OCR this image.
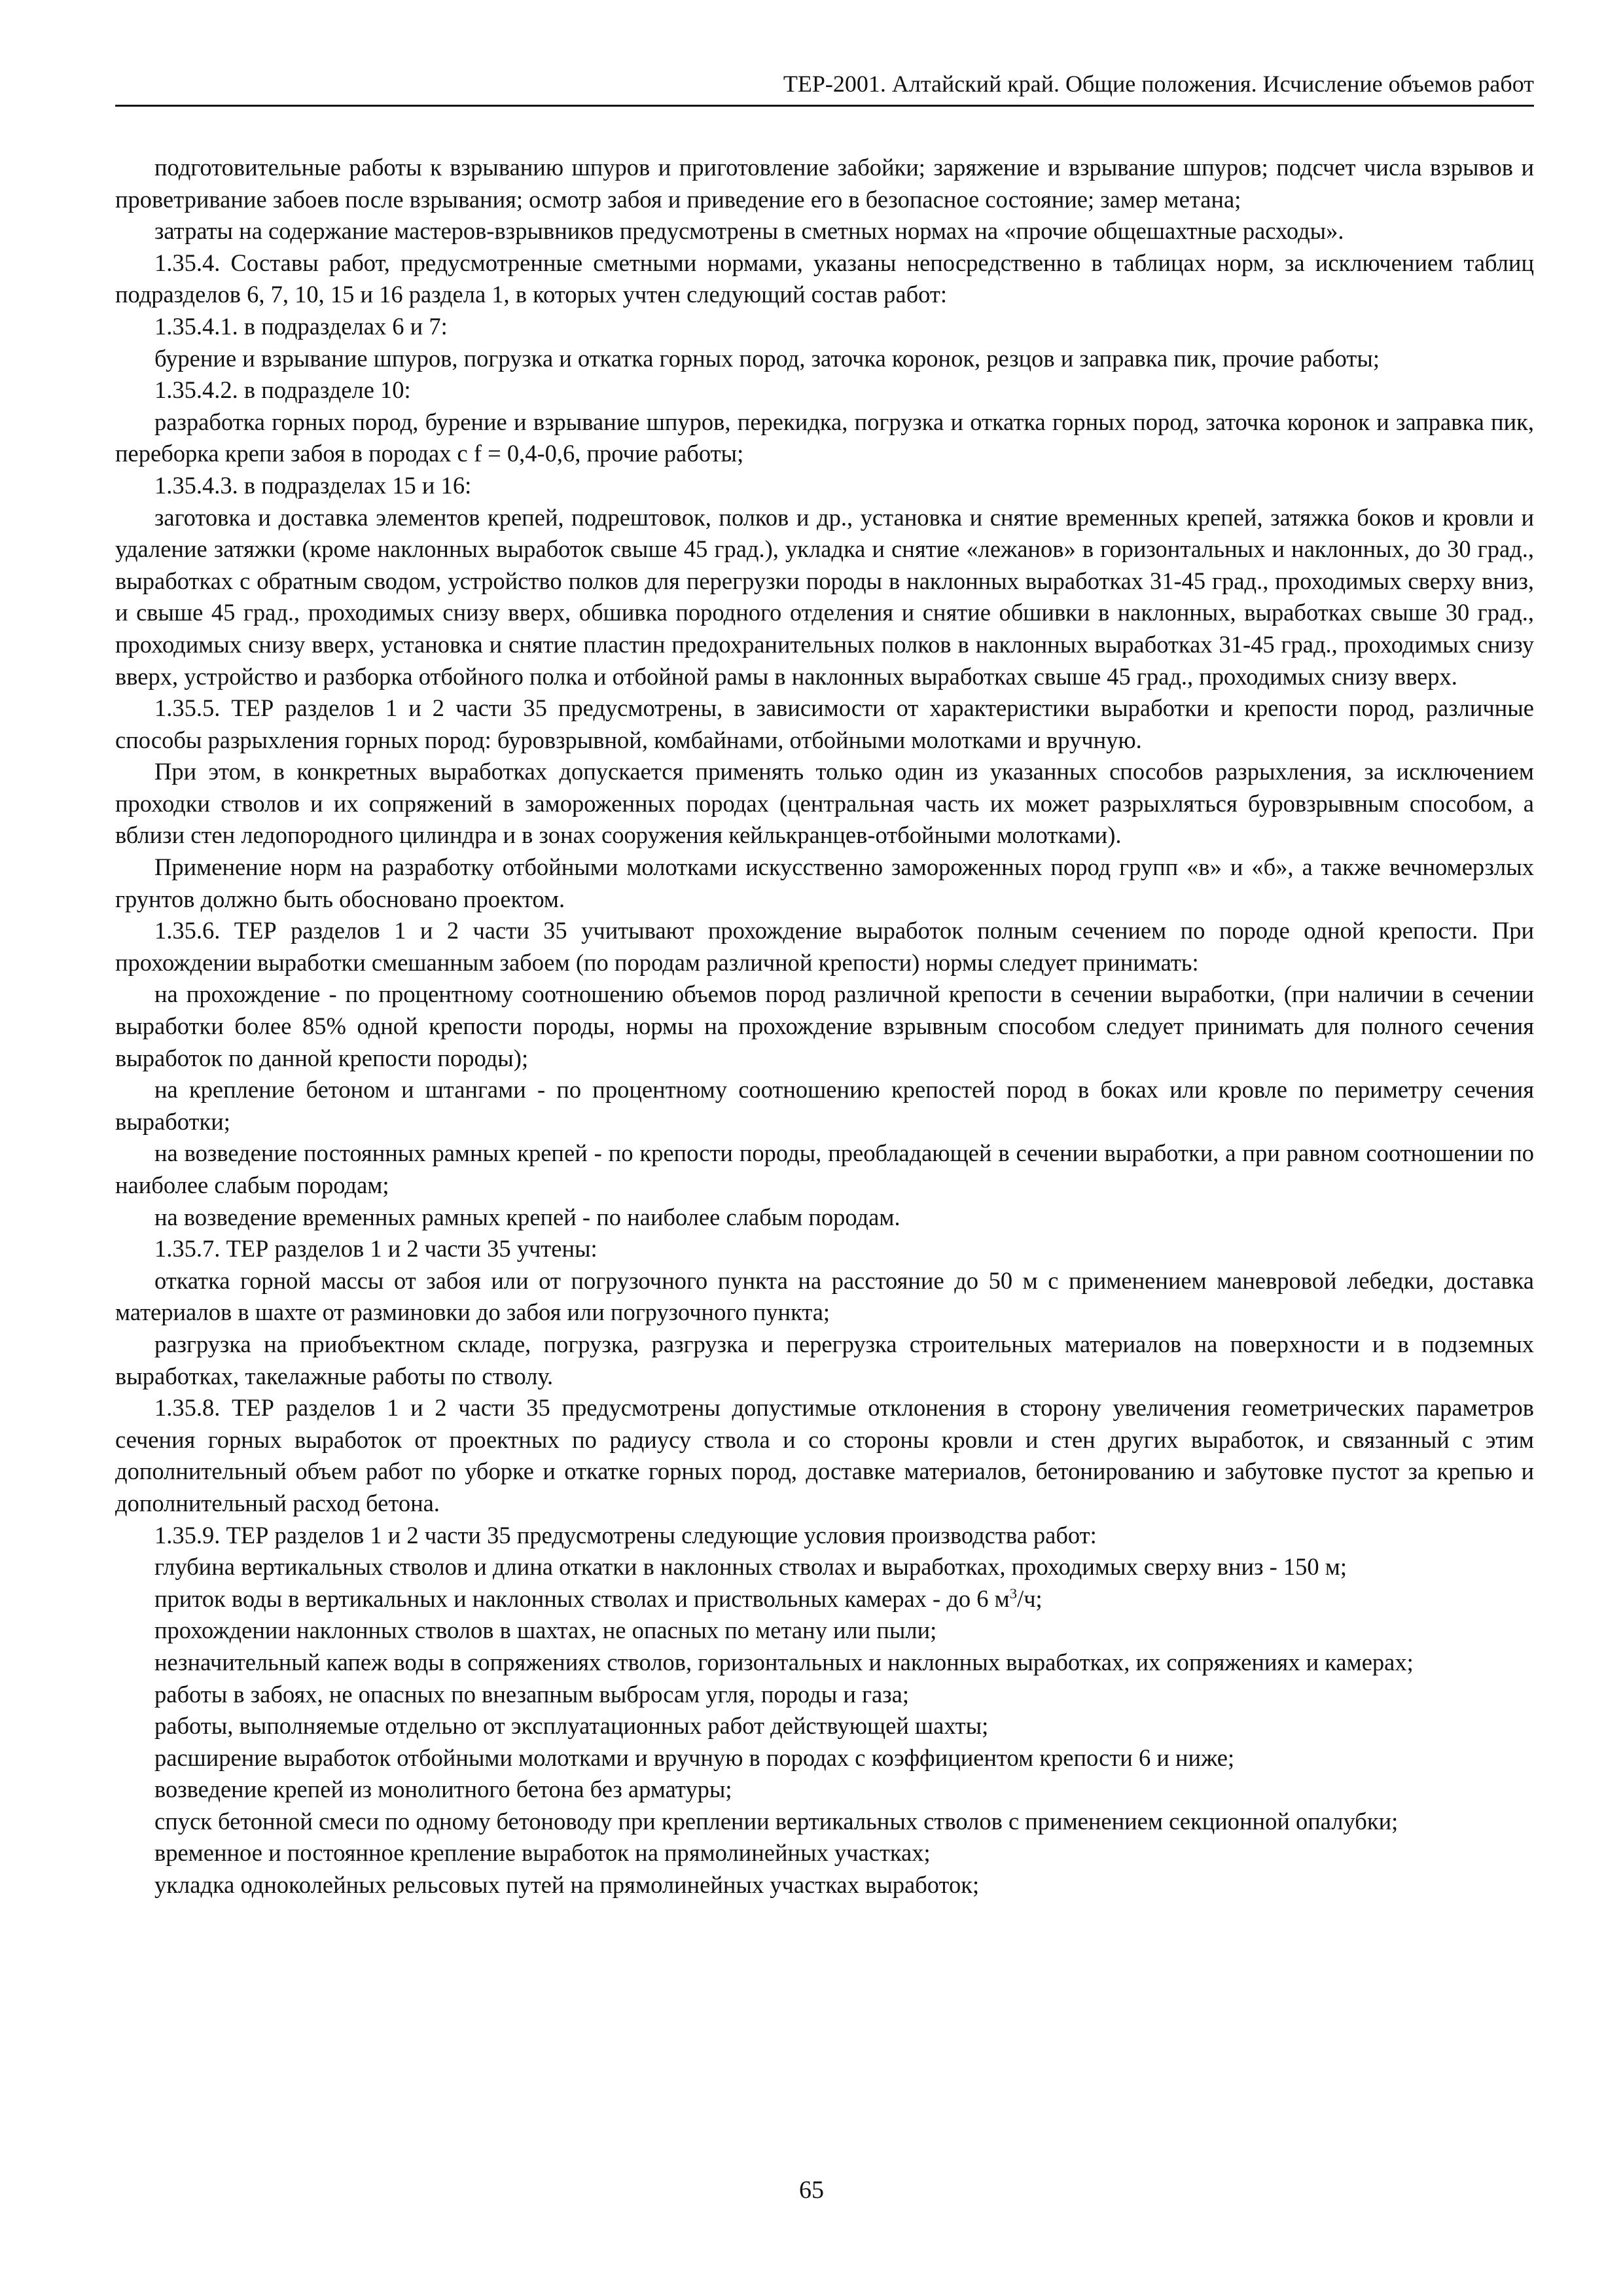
ТЕР-2001. Алтайский край. Общие положения. Исчисление объемов работ

подготовительные работы к взрыванию шпуров и приготовление забойки; заряжение и взрывание шпуров; подсчет числа взрывов и проветривание забоев после взрывания; осмотр забоя и приведение его в безопасное состояние; замер метана;

затраты на содержание мастеров-взрывников предусмотрены в сметных нормах на «прочие общешахтные расходы».

1.35.4. Составы работ, предусмотренные сметными нормами, указаны непосредственно в таблицах норм, за исключением таблиц подразделов 6, 7, 10, 15 и 16 раздела 1, в которых учтен следующий состав работ:

1.35.4.1. в подразделах 6 и 7:

бурение и взрывание шпуров, погрузка и откатка горных пород, заточка коронок, резцов и заправка пик, прочие работы;

1.35.4.2. в подразделе 10:

разработка горных пород, бурение и взрывание шпуров, перекидка, погрузка и откатка горных пород, заточка коронок и заправка пик, переборка крепи забоя в породах с f = 0,4-0,6, прочие работы;

1.35.4.3. в подразделах 15 и 16:

заготовка и доставка элементов крепей, подрештовок, полков и др., установка и снятие временных крепей, затяжка боков и кровли и удаление затяжки (кроме наклонных выработок свыше 45 град.), укладка и снятие «лежанов» в горизонтальных и наклонных, до 30 град., выработках с обратным сводом, устройство полков для перегрузки породы в наклонных выработках 31-45 град., проходимых сверху вниз, и свыше 45 град., проходимых снизу вверх, обшивка породного отделения и снятие обшивки в наклонных, выработках свыше 30 град., проходимых снизу вверх, установка и снятие пластин предохранительных полков в наклонных выработках 31-45 град., проходимых снизу вверх, устройство и разборка отбойного полка и отбойной рамы в наклонных выработках свыше 45 град., проходимых снизу вверх.

1.35.5. ТЕР разделов 1 и 2 части 35 предусмотрены, в зависимости от характеристики выработки и крепости пород, различные способы разрыхления горных пород: буровзрывной, комбайнами, отбойными молотками и вручную.

При этом, в конкретных выработках допускается применять только один из указанных способов разрыхления, за исключением проходки стволов и их сопряжений в замороженных породах (центральная часть их может разрыхляться буровзрывным способом, а вблизи стен ледопородного цилиндра и в зонах сооружения кейлькранцев-отбойными молотками).

Применение норм на разработку отбойными молотками искусственно замороженных пород групп «в» и «б», а также вечномерзлых грунтов должно быть обосновано проектом.

1.35.6. ТЕР разделов 1 и 2 части 35 учитывают прохождение выработок полным сечением по породе одной крепости. При прохождении выработки смешанным забоем (по породам различной крепости) нормы следует принимать:

на прохождение - по процентному соотношению объемов пород различной крепости в сечении выработки, (при наличии в сечении выработки более 85% одной крепости породы, нормы на прохождение взрывным способом следует принимать для полного сечения выработок по данной крепости породы);

на крепление бетоном и штангами - по процентному соотношению крепостей пород в боках или кровле по периметру сечения выработки;

на возведение постоянных рамных крепей - по крепости породы, преобладающей в сечении выработки, а при равном соотношении по наиболее слабым породам;

на возведение временных рамных крепей - по наиболее слабым породам.

1.35.7. ТЕР разделов 1 и 2 части 35 учтены:

откатка горной массы от забоя или от погрузочного пункта на расстояние до 50 м с применением маневровой лебедки, доставка материалов в шахте от разминовки до забоя или погрузочного пункта;

разгрузка на приобъектном складе, погрузка, разгрузка и перегрузка строительных материалов на поверхности и в подземных выработках, такелажные работы по стволу.

1.35.8. ТЕР разделов 1 и 2 части 35 предусмотрены допустимые отклонения в сторону увеличения геометрических параметров сечения горных выработок от проектных по радиусу ствола и со стороны кровли и стен других выработок, и связанный с этим дополнительный объем работ по уборке и откатке горных пород, доставке материалов, бетонированию и забутовке пустот за крепью и дополнительный расход бетона.

1.35.9. ТЕР разделов 1 и 2 части 35 предусмотрены следующие условия производства работ:

глубина вертикальных стволов и длина откатки в наклонных стволах и выработках, проходимых сверху вниз - 150 м;

приток воды в вертикальных и наклонных стволах и приствольных камерах - до 6 $м^3/ч$;

прохождении наклонных стволов в шахтах, не опасных по метану или пыли;

незначительный капеж воды в сопряжениях стволов, горизонтальных и наклонных выработках, их сопряжениях и камерах;

работы в забоях, не опасных по внезапным выбросам угля, породы и газа;

работы, выполняемые отдельно от эксплуатационных работ действующей шахты;

расширение выработок отбойными молотками и вручную в породах с коэффициентом крепости 6 и ниже;

возведение крепей из монолитного бетона без арматуры;

спуск бетонной смеси по одному бетоноводу при креплении вертикальных стволов с применением секционной опалубки;

временное и постоянное крепление выработок на прямолинейных участках;

укладка одноколейных рельсовых путей на прямолинейных участках выработок;

65
